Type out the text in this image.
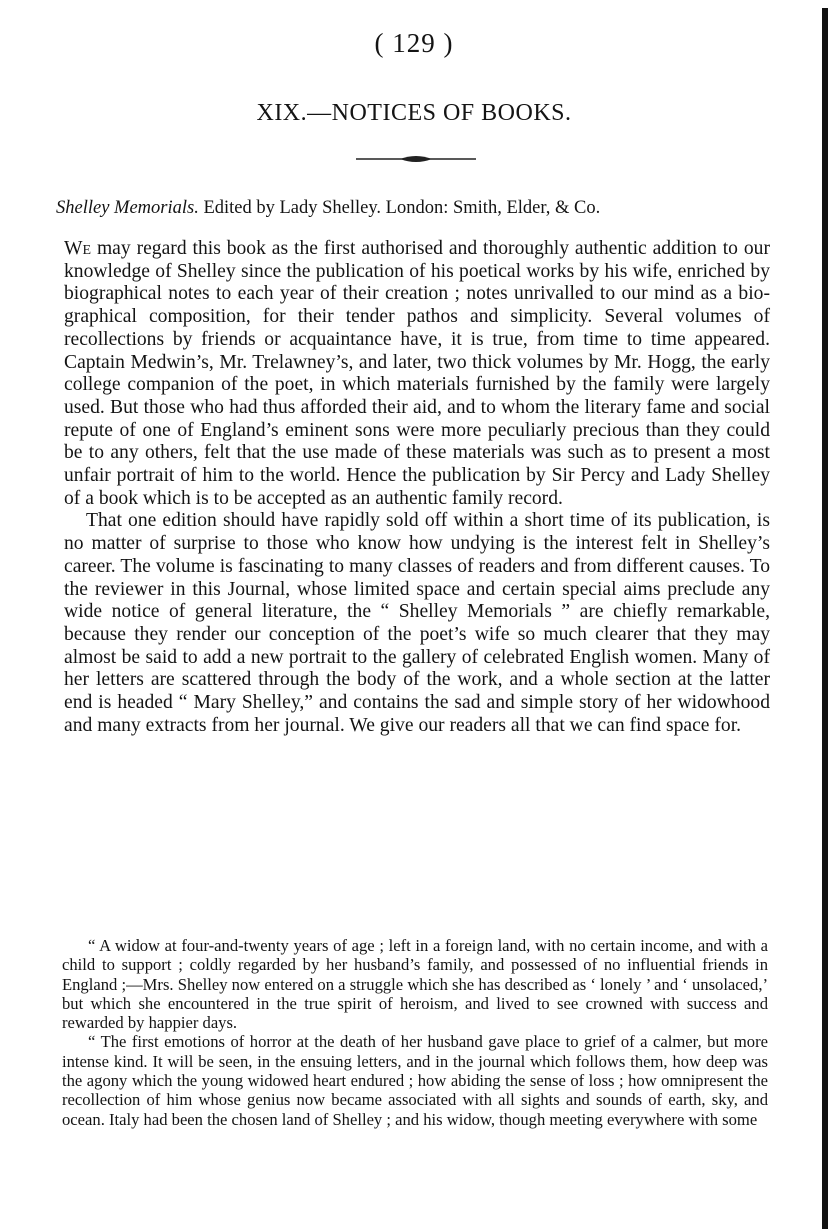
( 129 )
XIX.—NOTICES OF BOOKS.
Shelley Memorials. Edited by Lady Shelley. London: Smith, Elder, & Co.

We may regard this book as the first authorised and thoroughly authentic addition to our knowledge of Shelley since the publication of his poetical works by his wife, enriched by biographical notes to each year of their creation ; notes unrivalled to our mind as a biographical composition, for their tender pathos and simplicity. Several volumes of recollections by friends or acquaintance have, it is true, from time to time appeared. Captain Medwin’s, Mr. Trelawney’s, and later, two thick volumes by Mr. Hogg, the early college companion of the poet, in which materials furnished by the family were largely used. But those who had thus afforded their aid, and to whom the literary fame and social repute of one of England’s eminent sons were more peculiarly precious than they could be to any others, felt that the use made of these materials was such as to present a most unfair portrait of him to the world. Hence the publication by Sir Percy and Lady Shelley of a book which is to be accepted as an authentic family record.

That one edition should have rapidly sold off within a short time of its publication, is no matter of surprise to those who know how undying is the interest felt in Shelley’s career. The volume is fascinating to many classes of readers and from different causes. To the reviewer in this Journal, whose limited space and certain special aims preclude any wide notice of general literature, the “ Shelley Memorials ” are chiefly remarkable, because they render our conception of the poet’s wife so much clearer that they may almost be said to add a new portrait to the gallery of celebrated English women. Many of her letters are scattered through the body of the work, and a whole section at the latter end is headed “ Mary Shelley,” and contains the sad and simple story of her widowhood and many extracts from her journal. We give our readers all that we can find space for.

“ A widow at four-and-twenty years of age ; left in a foreign land, with no certain income, and with a child to support ; coldly regarded by her husband’s family, and possessed of no influential friends in England ;—Mrs. Shelley now entered on a struggle which she has described as ‘ lonely ’ and ‘ unsolaced,’ but which she encountered in the true spirit of heroism, and lived to see crowned with success and rewarded by happier days.

“ The first emotions of horror at the death of her husband gave place to grief of a calmer, but more intense kind. It will be seen, in the ensuing letters, and in the journal which follows them, how deep was the agony which the young widowed heart endured ; how abiding the sense of loss ; how omnipresent the recollection of him whose genius now became associated with all sights and sounds of earth, sky, and ocean. Italy had been the chosen land of Shelley ; and his widow, though meeting everywhere with some
